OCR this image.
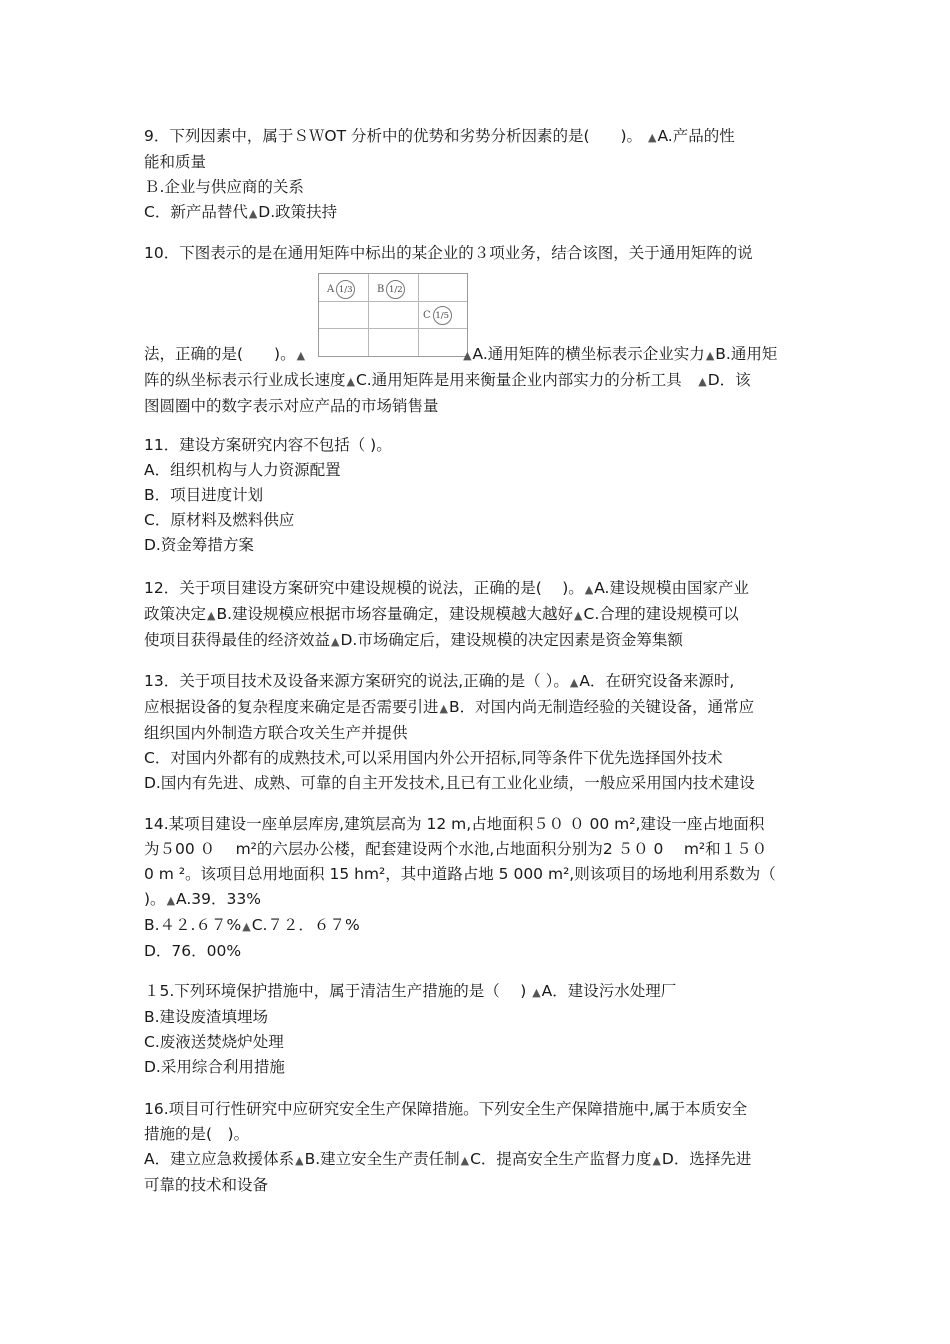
9．下列因素中，属于ＳＷOT 分析中的优势和劣势分析因素的是(　　)。 ▲A.产品的性
能和质量
Ｂ.企业与供应商的关系
C．新产品替代▲D.政策扶持
10．下图表示的是在通用矩阵中标出的某企业的３项业务，结合该图，关于通用矩阵的说
A 1/3 B 1/2
C 1/5
法，正确的是(　　)。▲	▲A.通用矩阵的横坐标表示企业实力▲B.通用矩
阵的纵坐标表示行业成长速度▲C.通用矩阵是用来衡量企业内部实力的分析工具　▲D．该
图圆圈中的数字表示对应产品的市场销售量
11．建设方案研究内容不包括（ )。
A．组织机构与人力资源配置
B．项目进度计划
C．原材料及燃料供应
D.资金筹措方案
12．关于项目建设方案研究中建设规模的说法，正确的是(　 )。▲A.建设规模由国家产业
政策决定▲B.建设规模应根据市场容量确定，建设规模越大越好▲C.合理的建设规模可以
使项目获得最佳的经济效益▲D.市场确定后，建设规模的决定因素是资金筹集额
13．关于项目技术及设备来源方案研究的说法,正确的是（ ）。▲A．在研究设备来源时,
应根据设备的复杂程度来确定是否需要引进▲B．对国内尚无制造经验的关键设备，通常应
组织国内外制造方联合攻关生产并提供
C．对国内外都有的成熟技术,可以采用国内外公开招标,同等条件下优先选择国外技术
D.国内有先进、成熟、可靠的自主开发技术,且已有工业化业绩，一般应采用国内技术建设
14.某项目建设一座单层库房,建筑层高为 12 m,占地面积５０ ０ 00 m²,建设一座占地面积
为５00 ０　 m²的六层办公楼，配套建设两个水池,占地面积分别为2 ５０ 0　 m²和１５０
0 m ²。该项目总用地面积 15 hm²，其中道路占地 5 000 m²,则该项目的场地利用系数为（
)。▲A.39．33%
B.４２.６７%▲C.７２．６７%
D．76．00%
１5.下列环境保护措施中，属于清洁生产措施的是（　 ) ▲A．建设污水处理厂
B.建设废渣填埋场
C.废液送焚烧炉处理
D.采用综合利用措施
16.项目可行性研究中应研究安全生产保障措施。下列安全生产保障措施中,属于本质安全
措施的是(　)。
A．建立应急救援体系▲B.建立安全生产责任制▲C．提高安全生产监督力度▲D．选择先进
可靠的技术和设备
